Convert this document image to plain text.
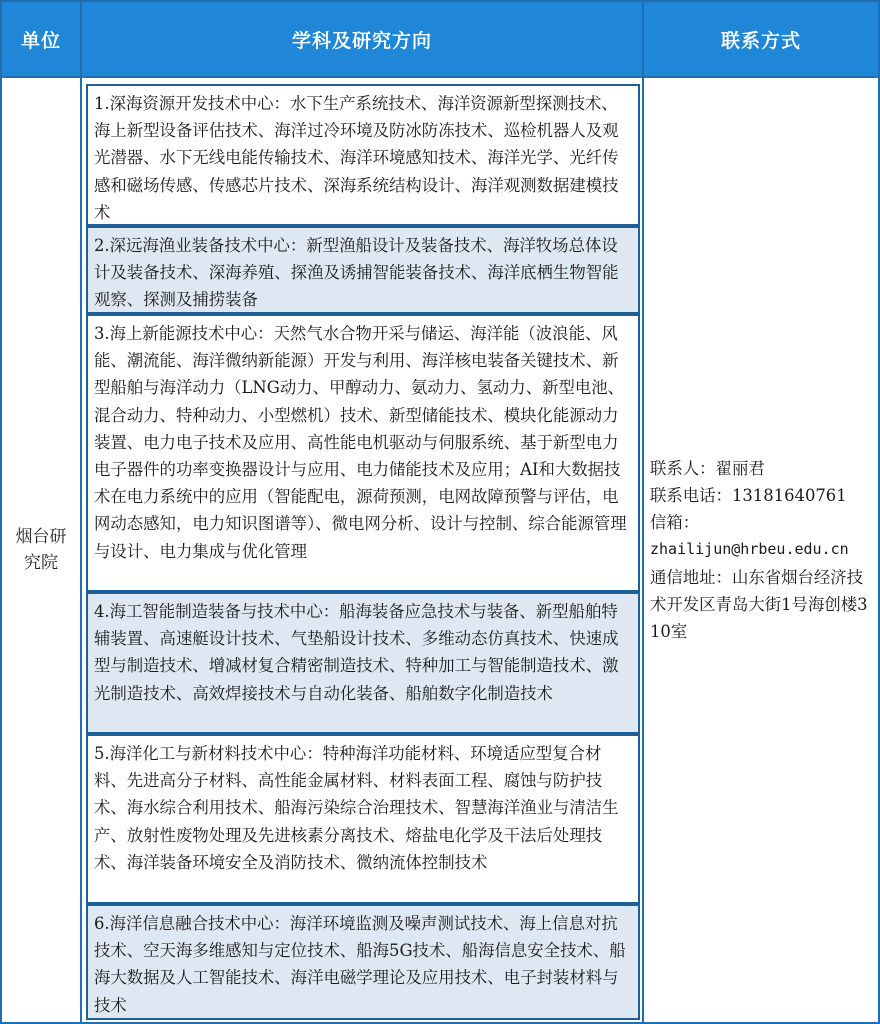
单位	学科及研究方向	联系方式
烟台研究院
1.深海资源开发技术中心：水下生产系统技术、海洋资源新型探测技术、海上新型设备评估技术、海洋过冷环境及防冰防冻技术、巡检机器人及观光潜器、水下无线电能传输技术、海洋环境感知技术、海洋光学、光纤传感和磁场传感、传感芯片技术、深海系统结构设计、海洋观测数据建模技术
2.深远海渔业装备技术中心：新型渔船设计及装备技术、海洋牧场总体设计及装备技术、深海养殖、探渔及诱捕智能装备技术、海洋底栖生物智能观察、探测及捕捞装备
3.海上新能源技术中心：天然气水合物开采与储运、海洋能（波浪能、风能、潮流能、海洋微纳新能源）开发与利用、海洋核电装备关键技术、新型船舶与海洋动力（LNG动力、甲醇动力、氨动力、氢动力、新型电池、混合动力、特种动力、小型燃机）技术、新型储能技术、模块化能源动力装置、电力电子技术及应用、高性能电机驱动与伺服系统、基于新型电力电子器件的功率变换器设计与应用、电力储能技术及应用；AI和大数据技术在电力系统中的应用（智能配电，源荷预测，电网故障预警与评估，电网动态感知，电力知识图谱等）、微电网分析、设计与控制、综合能源管理与设计、电力集成与优化管理
4.海工智能制造装备与技术中心：船海装备应急技术与装备、新型船舶特辅装置、高速艇设计技术、气垫船设计技术、多维动态仿真技术、快速成型与制造技术、增减材复合精密制造技术、特种加工与智能制造技术、激光制造技术、高效焊接技术与自动化装备、船舶数字化制造技术
5.海洋化工与新材料技术中心：特种海洋功能材料、环境适应型复合材料、先进高分子材料、高性能金属材料、材料表面工程、腐蚀与防护技术、海水综合利用技术、船海污染综合治理技术、智慧海洋渔业与清洁生产、放射性废物处理及先进核素分离技术、熔盐电化学及干法后处理技术、海洋装备环境安全及消防技术、微纳流体控制技术
6.海洋信息融合技术中心：海洋环境监测及噪声测试技术、海上信息对抗技术、空天海多维感知与定位技术、船海5G技术、船海信息安全技术、船海大数据及人工智能技术、海洋电磁学理论及应用技术、电子封装材料与技术
联系人：翟丽君
联系电话：13181640761
信箱：
zhailijun@hrbeu.edu.cn
通信地址：山东省烟台经济技术开发区青岛大街1号海创楼310室
